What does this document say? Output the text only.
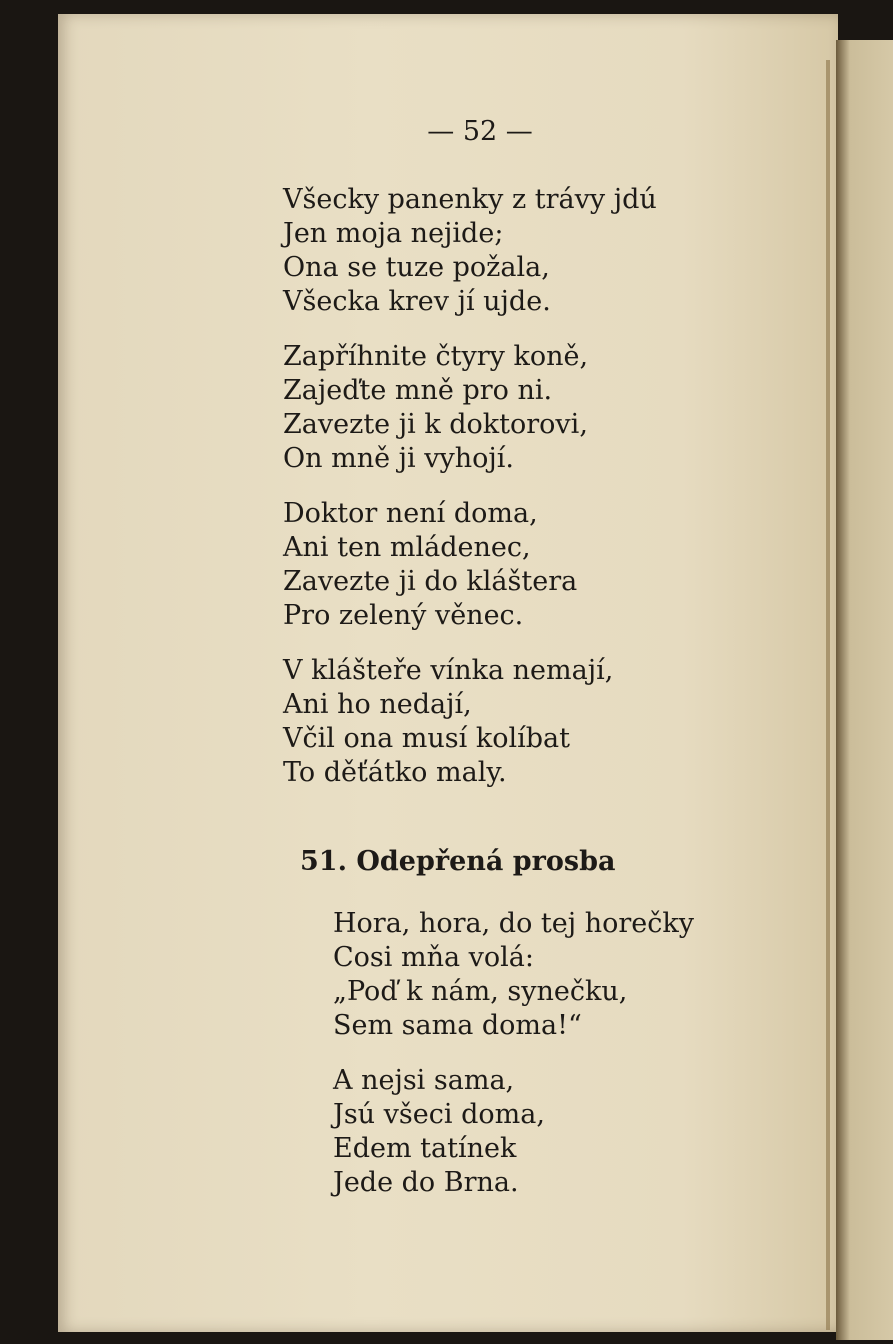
— 52 —
Všecky panenky z trávy jdú
Jen moja nejide;
Ona se tuze požala,
Všecka krev jí ujde.
Zapříhnite čtyry koně,
Zajeďte mně pro ni.
Zavezte ji k doktorovi,
On mně ji vyhojí.
Doktor není doma,
Ani ten mládenec,
Zavezte ji do kláštera
Pro zelený věnec.
V klášteře vínka nemají,
Ani ho nedají,
Včil ona musí kolíbat
To děťátko maly.
51. Odepřená prosba
Hora, hora, do tej horečky
Cosi mňa volá:
„Poď k nám, synečku,
Sem sama doma!“
A nejsi sama,
Jsú všeci doma,
Edem tatínek
Jede do Brna.
